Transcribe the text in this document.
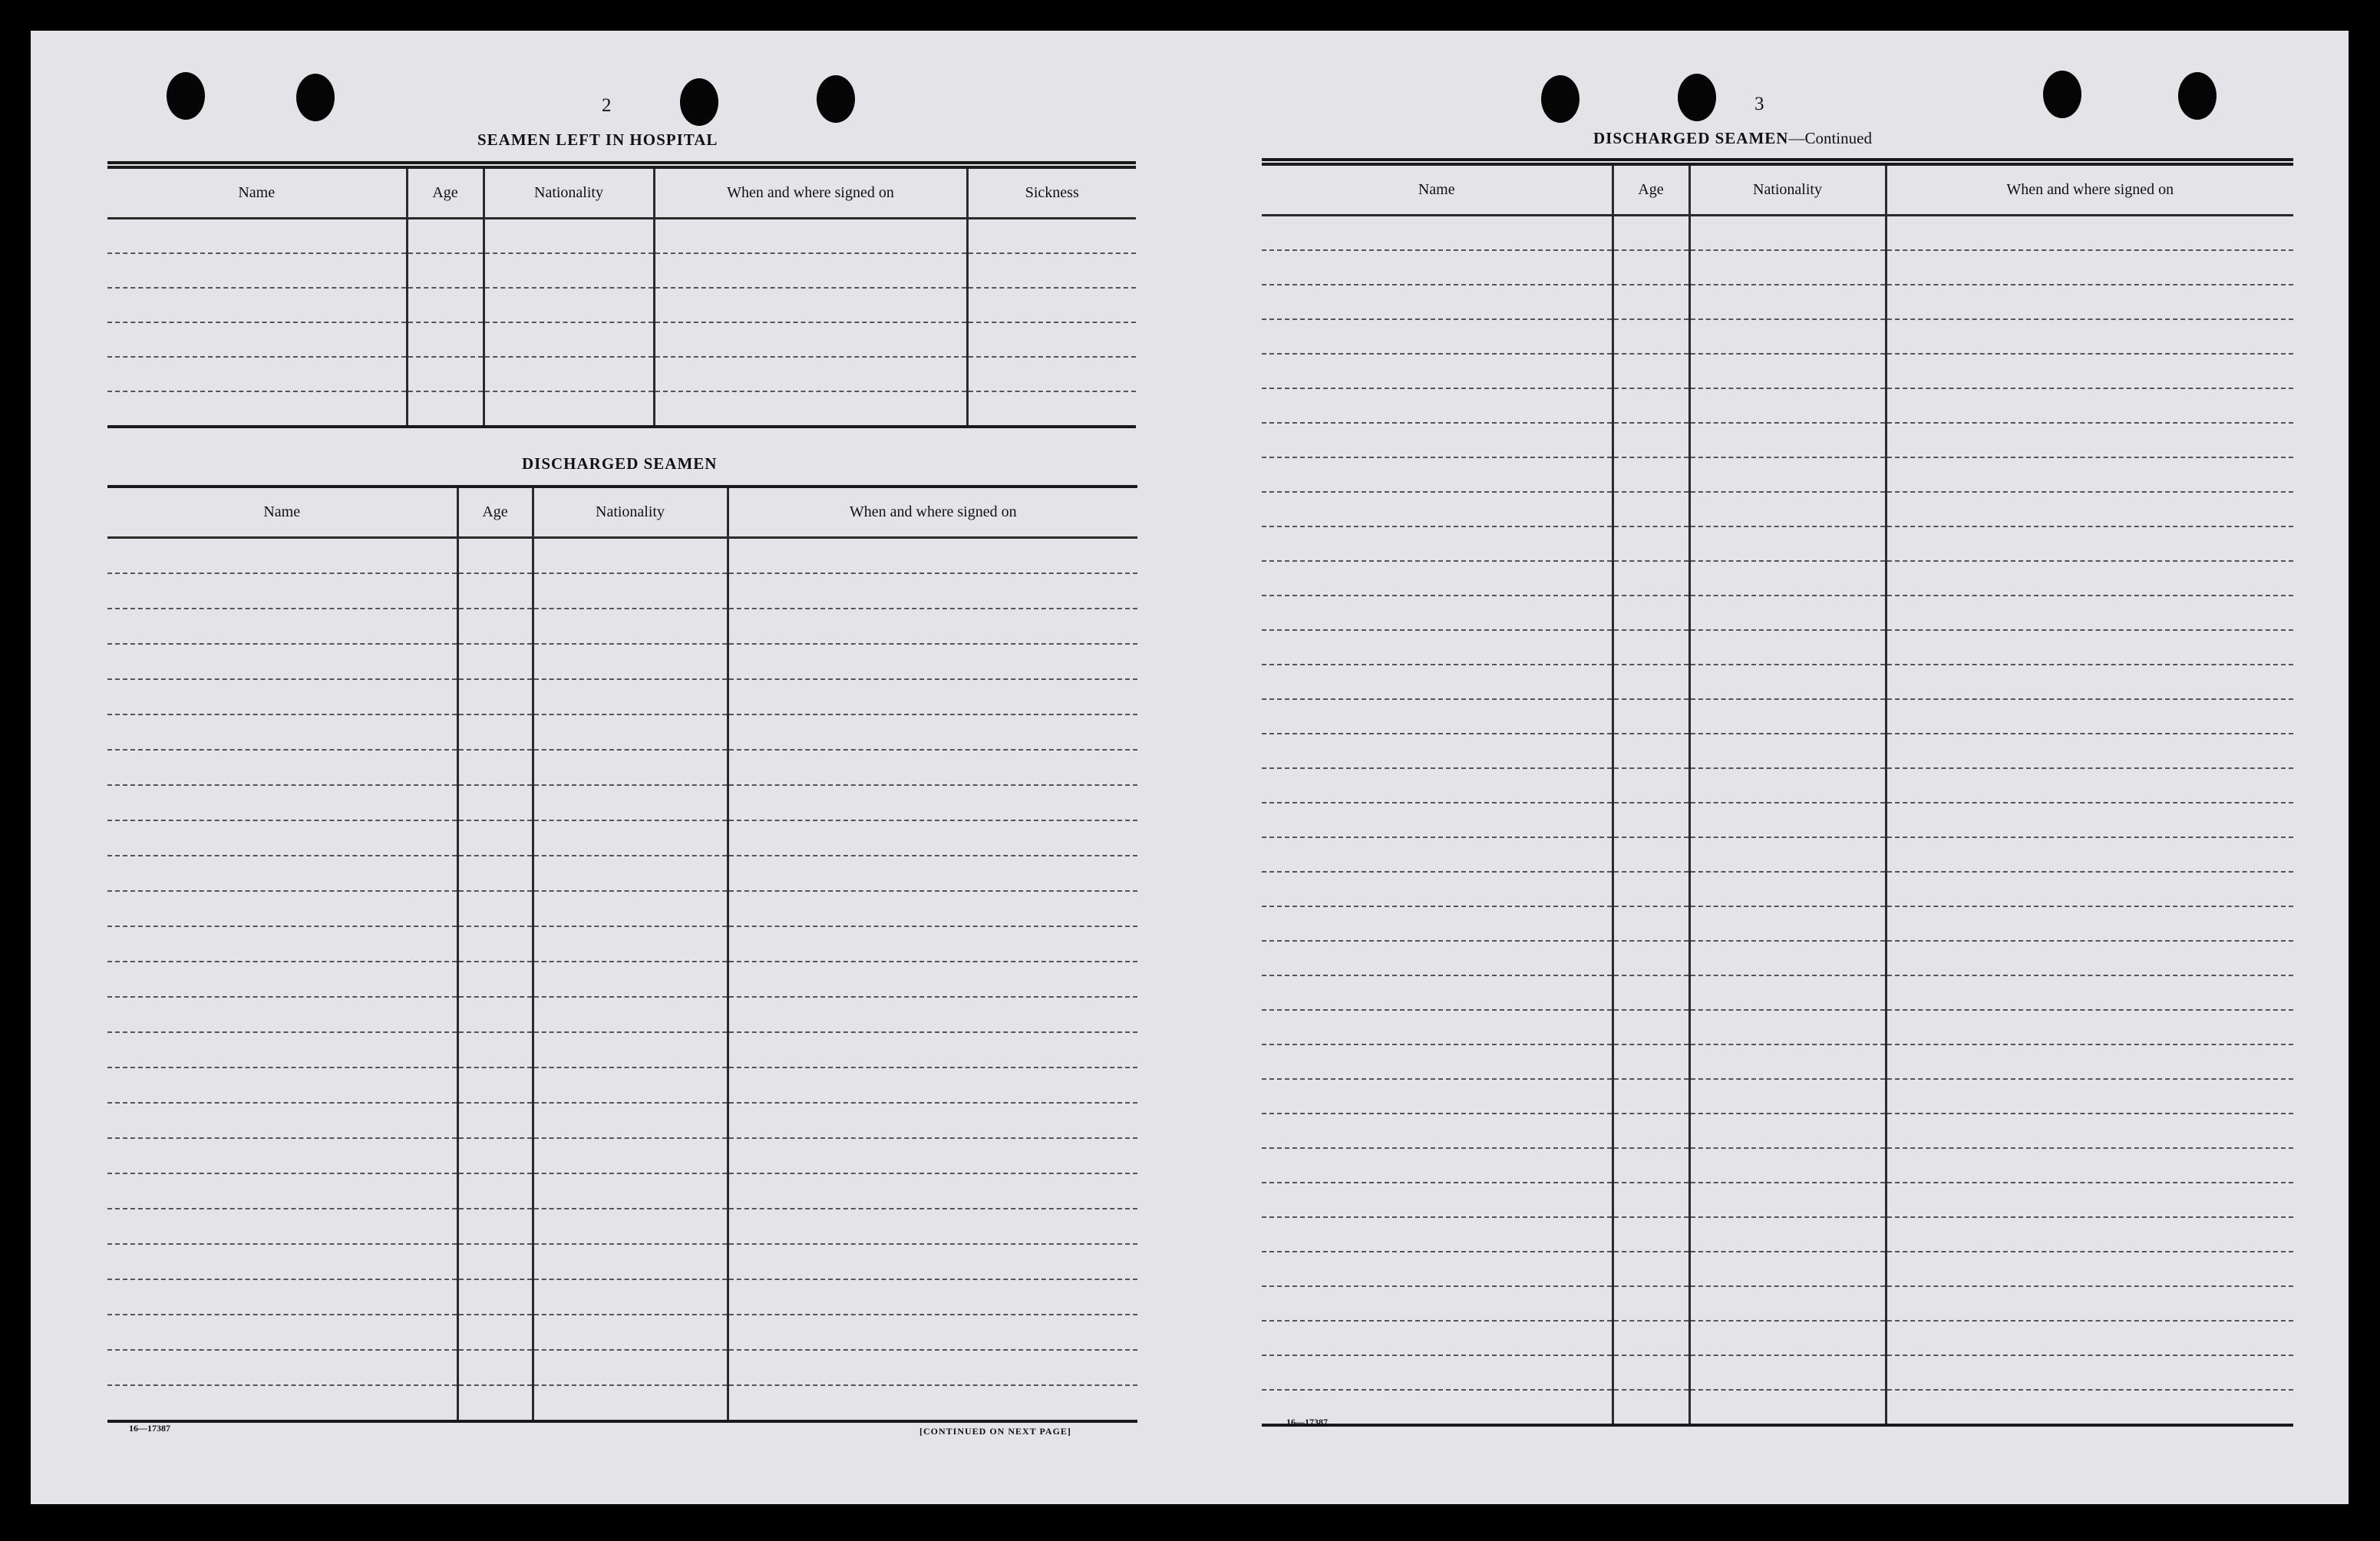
2

SEAMEN LEFT IN HOSPITAL

Name	Age	Nationality	When and where signed on	Sickness

DISCHARGED SEAMEN

Name	Age	Nationality	When and where signed on

16—17387	[CONTINUED ON NEXT PAGE]

3

DISCHARGED SEAMEN—Continued

Name	Age	Nationality	When and where signed on

16—17387
